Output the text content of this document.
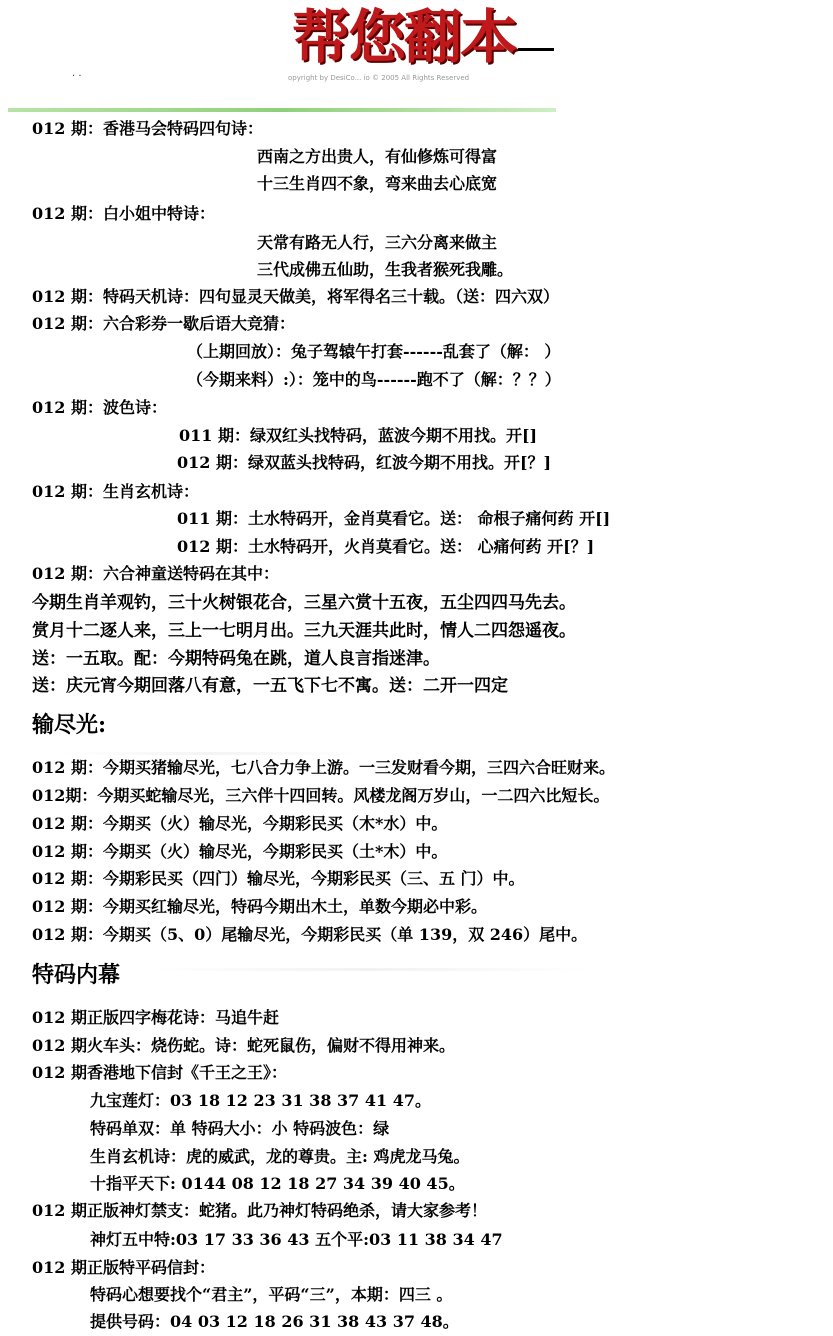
帮您翻本
opyright by DesiCo... io © 2005 All Rights Reserved
. .
012 期：香港马会特码四句诗：
西南之方出贵人，有仙修炼可得富
十三生肖四不象，弯来曲去心底宽
012 期：白小姐中特诗：
天常有路无人行，三六分离来做主
三代成佛五仙助，生我者猴死我雕。
012 期：特码天机诗：四句显灵天做美，将军得名三十载。（送：四六双）
012 期：六合彩券一歇后语大竞猜：
（上期回放）：兔子驾辕午打套------乱套了（解： ）
（今期来料）:）：笼中的鸟------跑不了（解：？？）
012 期：波色诗：
011 期：绿双红头找特码，蓝波今期不用找。开[]
012 期：绿双蓝头找特码，红波今期不用找。开[？]
012 期：生肖玄机诗：
011 期：土水特码开，金肖莫看它。送： 命根子痛何药 开[]
012 期：土水特码开，火肖莫看它。送： 心痛何药 开[？]
012 期：六合神童送特码在其中：
今期生肖羊观钓，三十火树银花合，三星六赏十五夜，五尘四四马先去。
赏月十二逐人来，三上一七明月出。三九天涯共此时，情人二四怨遥夜。
送：一五取。配：今期特码兔在跳，道人良言指迷津。
送：庆元宵今期回落八有意，一五飞下七不寓。送：二开一四定
输尽光:
012 期：今期买猪输尽光，七八合力争上游。一三发财看今期，三四六合旺财来。
012期：今期买蛇输尽光，三六伴十四回转。风楼龙阁万岁山，一二四六比短长。
012 期：今期买（火）输尽光，今期彩民买（木*水）中。
012 期：今期买（火）输尽光，今期彩民买（土*木）中。
012 期：今期彩民买（四门）输尽光，今期彩民买（三、五 门）中。
012 期：今期买红输尽光，特码今期出木土，单数今期必中彩。
012 期：今期买（5、0）尾输尽光，今期彩民买（单 139，双 246）尾中。
特码内幕
012 期正版四字梅花诗：马追牛赶
012 期火车头：烧伤蛇。诗：蛇死鼠伤，偏财不得用神来。
012 期香港地下信封《千王之王》：
九宝莲灯：03 18 12 23 31 38 37 41 47。
特码单双：单 特码大小：小 特码波色：绿
生肖玄机诗：虎的威武，龙的尊贵。主: 鸡虎龙马兔。
十指平天下: 0144 08 12 18 27 34 39 40 45。
012 期正版神灯禁支：蛇猪。此乃神灯特码绝杀，请大家参考！
神灯五中特:03 17 33 36 43 五个平:03 11 38 34 47
012 期正版特平码信封：
特码心想要找个“君主”，平码“三”，本期：四三 。
提供号码：04 03 12 18 26 31 38 43 37 48。
